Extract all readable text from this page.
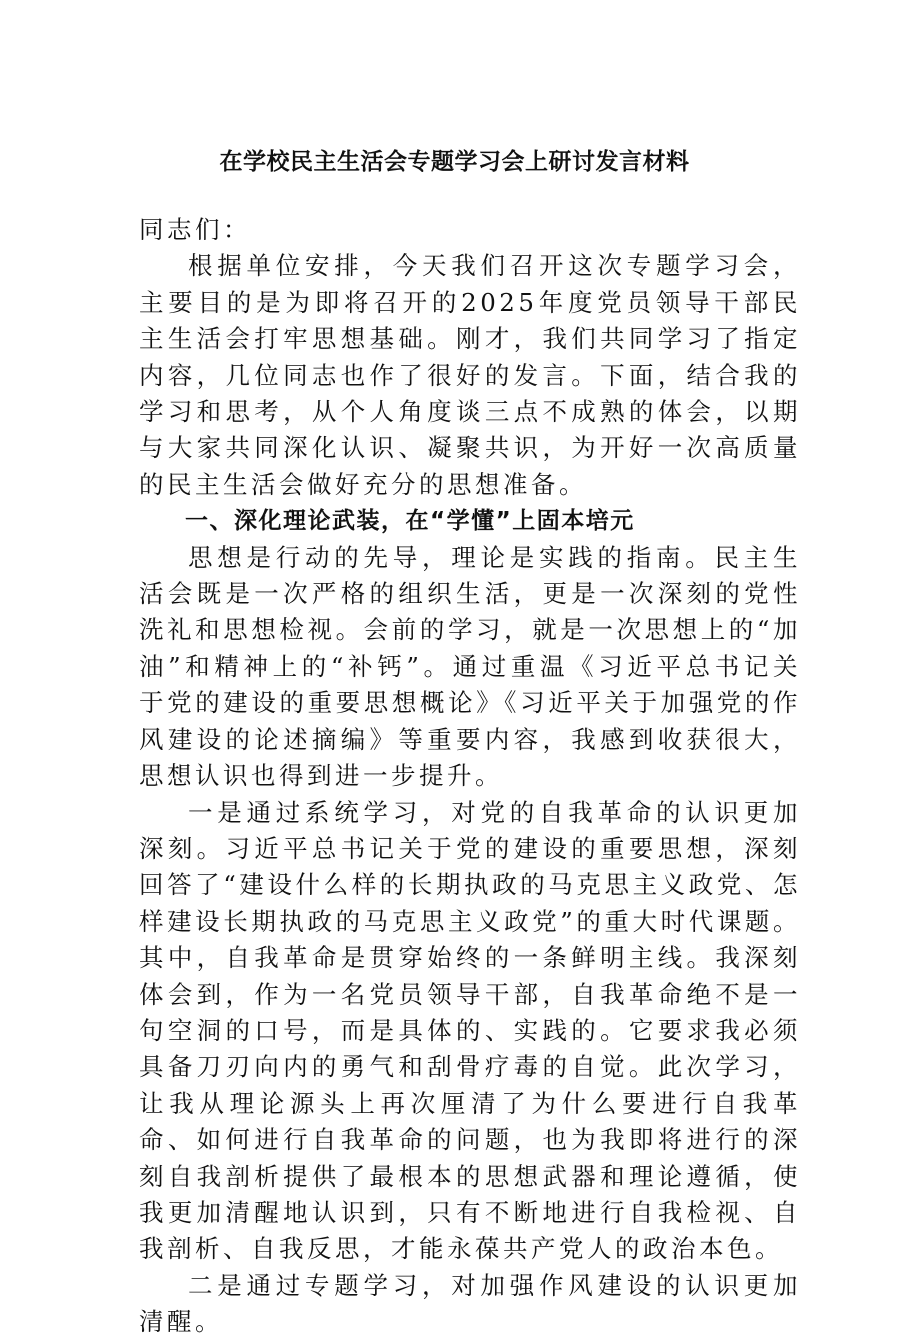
在学校民主生活会专题学习会上研讨发言材料

同志们：

根据单位安排，今天我们召开这次专题学习会，主要目的是为即将召开的2025年度党员领导干部民主生活会打牢思想基础。刚才，我们共同学习了指定内容，几位同志也作了很好的发言。下面，结合我的学习和思考，从个人角度谈三点不成熟的体会，以期与大家共同深化认识、凝聚共识，为开好一次高质量的民主生活会做好充分的思想准备。

一、深化理论武装，在“学懂”上固本培元

思想是行动的先导，理论是实践的指南。民主生活会既是一次严格的组织生活，更是一次深刻的党性洗礼和思想检视。会前的学习，就是一次思想上的“加油”和精神上的“补钙”。通过重温《习近平总书记关于党的建设的重要思想概论》《习近平关于加强党的作风建设的论述摘编》等重要内容，我感到收获很大，思想认识也得到进一步提升。

一是通过系统学习，对党的自我革命的认识更加深刻。习近平总书记关于党的建设的重要思想，深刻回答了“建设什么样的长期执政的马克思主义政党、怎样建设长期执政的马克思主义政党”的重大时代课题。其中，自我革命是贯穿始终的一条鲜明主线。我深刻体会到，作为一名党员领导干部，自我革命绝不是一句空洞的口号，而是具体的、实践的。它要求我必须具备刀刃向内的勇气和刮骨疗毒的自觉。此次学习，让我从理论源头上再次厘清了为什么要进行自我革命、如何进行自我革命的问题，也为我即将进行的深刻自我剖析提供了最根本的思想武器和理论遵循，使我更加清醒地认识到，只有不断地进行自我检视、自我剖析、自我反思，才能永葆共产党人的政治本色。

二是通过专题学习，对加强作风建设的认识更加清醒。
